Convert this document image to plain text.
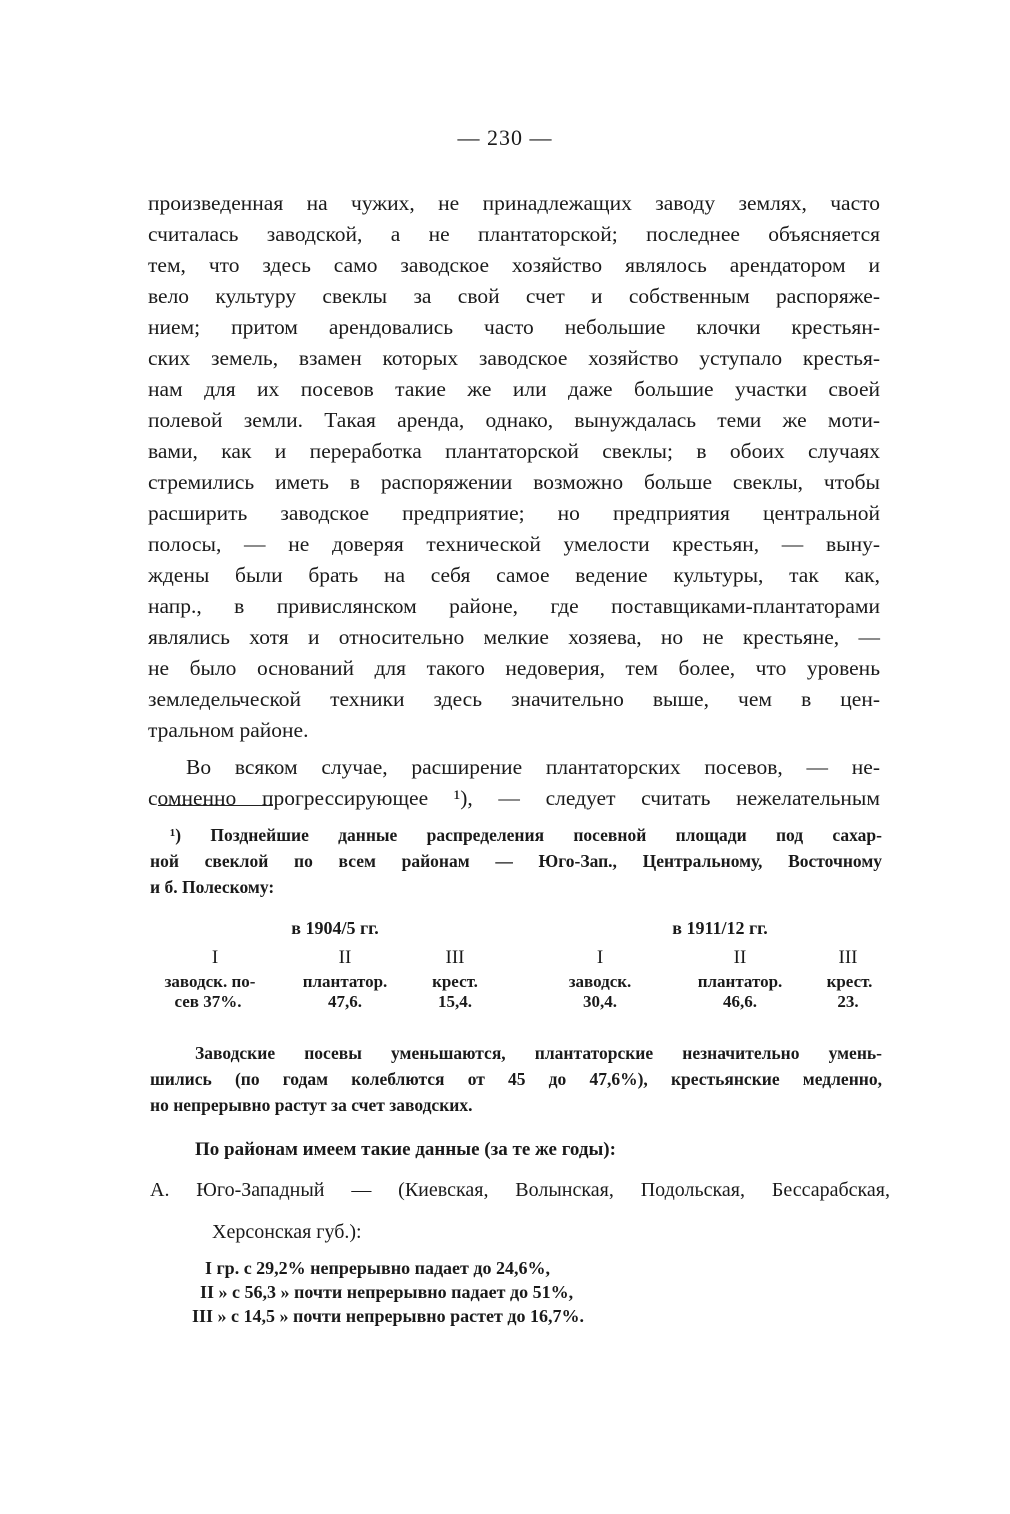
— 230 —
произведенная на чужих, не принадлежащих заводу землях, часто
считалась заводской, а не плантаторской; последнее объясняется
тем, что здесь само заводское хозяйство являлось арендатором и
вело культуру свеклы за свой счет и собственным распоряже-
нием; притом арендовались часто небольшие клочки крестьян-
ских земель, взамен которых заводское хозяйство уступало крестья-
нам для их посевов такие же или даже большие участки своей
полевой земли. Такая аренда, однако, вынуждалась теми же моти-
вами, как и переработка плантаторской свеклы; в обоих случаях
стремились иметь в распоряжении возможно больше свеклы, чтобы
расширить заводское предприятие; но предприятия центральной
полосы, — не доверяя технической умелости крестьян, — выну-
ждены были брать на себя самое ведение культуры, так как,
напр., в привислянском районе, где поставщиками-плантаторами
являлись хотя и относительно мелкие хозяева, но не крестьяне, —
не было оснований для такого недоверия, тем более, что уровень
земледельческой техники здесь значительно выше, чем в цен-
тральном районе.
Во всяком случае, расширение плантаторских посевов, — не-
сомненно прогрессирующее ¹), — следует считать нежелательным
¹) Позднейшие данные распределения посевной площади под сахар-
ной свеклой по всем районам — Юго-Зап., Центральному, Восточному
и б. Полескому:
в 1904/5 гг.	в 1911/12 гг.
I	II	III	I	II	III
заводск. по-	плантатор.	крест.	заводск.	плантатор.	крест.
сев 37%.	47,6.	15,4.	30,4.	46,6.	23.
Заводские посевы уменьшаются, плантаторские незначительно умень-
шились (по годам колеблются от 45 до 47,6%), крестьянские медленно,
но непрерывно растут за счет заводских.
По районам имеем такие данные (за те же годы):
А. Юго-Западный — (Киевская, Волынская, Подольская, Бессарабская,
Херсонская губ.):
I гр. с 29,2% непрерывно падает до 24,6%,
II » с 56,3 » почти непрерывно падает до 51%,
III » с 14,5 » почти непрерывно растет до 16,7%.
